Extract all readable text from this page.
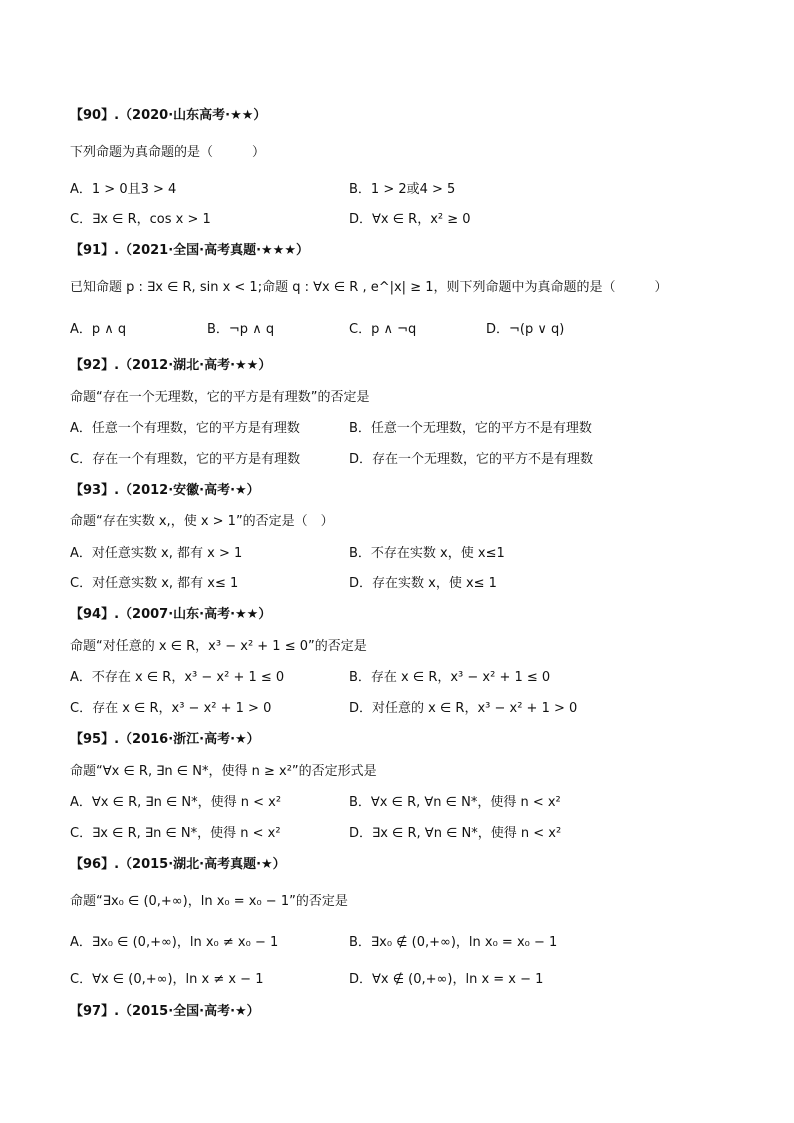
【90】.（2020·山东高考·★★）
下列命题为真命题的是（　　　）
A．1 > 0且3 > 4	B．1 > 2或4 > 5
C．∃x ∈ R，cos x > 1	D．∀x ∈ R，x² ≥ 0
【91】.（2021·全国·高考真题·★★★）
已知命题 p : ∃x ∈ R, sin x < 1;命题 q : ∀x ∈ R , e^|x| ≥ 1，则下列命题中为真命题的是（　　　）
A．p ∧ q	B．¬p ∧ q	C．p ∧ ¬q	D．¬(p ∨ q)
【92】.（2012·湖北·高考·★★）
命题“存在一个无理数，它的平方是有理数”的否定是
A．任意一个有理数，它的平方是有理数	B．任意一个无理数，它的平方不是有理数
C．存在一个有理数，它的平方是有理数	D．存在一个无理数，它的平方不是有理数
【93】.（2012·安徽·高考·★）
命题“存在实数 x,，使 x > 1”的否定是（　）
A．对任意实数 x, 都有 x > 1	B．不存在实数 x，使 x≤1
C．对任意实数 x, 都有 x≤ 1	D．存在实数 x，使 x≤ 1
【94】.（2007·山东·高考·★★）
命题“对任意的 x ∈ R，x³ − x² + 1 ≤ 0”的否定是
A．不存在 x ∈ R，x³ − x² + 1 ≤ 0	B．存在 x ∈ R，x³ − x² + 1 ≤ 0
C．存在 x ∈ R，x³ − x² + 1 > 0	D．对任意的 x ∈ R，x³ − x² + 1 > 0
【95】.（2016·浙江·高考·★）
命题“∀x ∈ R, ∃n ∈ N*，使得 n ≥ x²”的否定形式是
A．∀x ∈ R, ∃n ∈ N*，使得 n < x²	B．∀x ∈ R, ∀n ∈ N*，使得 n < x²
C．∃x ∈ R, ∃n ∈ N*，使得 n < x²	D．∃x ∈ R, ∀n ∈ N*，使得 n < x²
【96】.（2015·湖北·高考真题·★）
命题“∃x₀ ∈ (0,+∞)，ln x₀ = x₀ − 1”的否定是
A．∃x₀ ∈ (0,+∞)，ln x₀ ≠ x₀ − 1	B．∃x₀ ∉ (0,+∞)，ln x₀ = x₀ − 1
C．∀x ∈ (0,+∞)，ln x ≠ x − 1	D．∀x ∉ (0,+∞)，ln x = x − 1
【97】.（2015·全国·高考·★）
